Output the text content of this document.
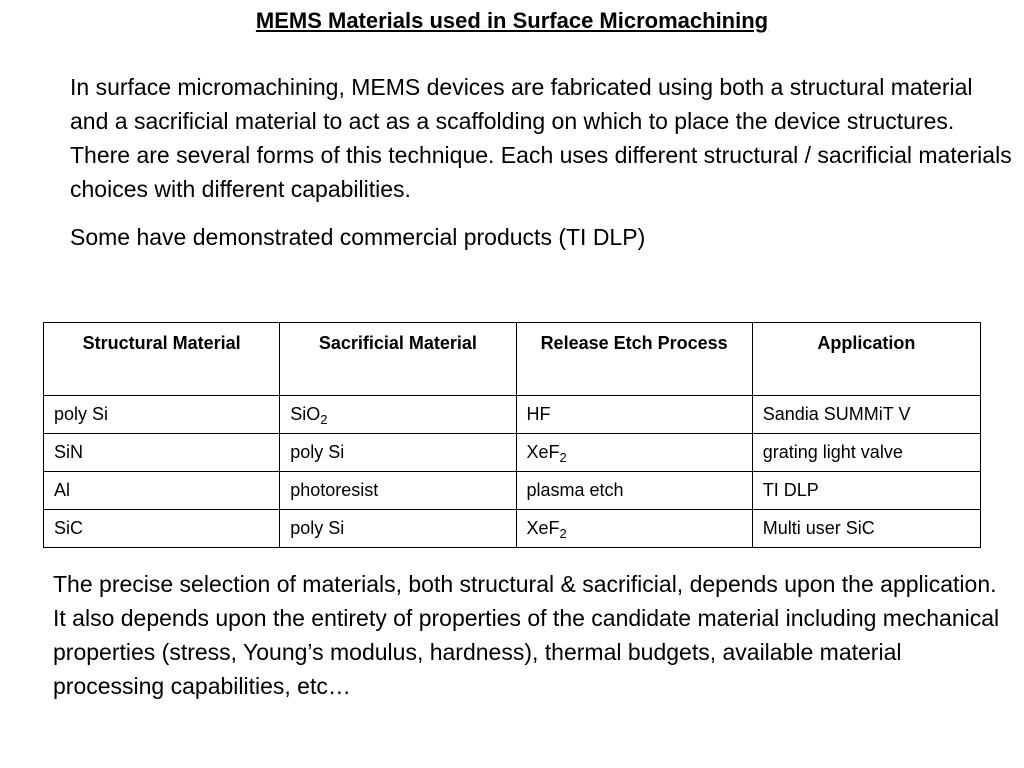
MEMS Materials used in Surface Micromachining

In surface micromachining, MEMS devices are fabricated using both a structural material and a sacrificial material to act as a scaffolding on which to place the device structures. There are several forms of this technique. Each uses different structural / sacrificial materials choices with different capabilities.

Some have demonstrated commercial products (TI DLP)

Structural Material	Sacrificial Material	Release Etch Process	Application
poly Si	SiO$_2$	HF	Sandia SUMMiT V
SiN	poly Si	XeF$_2$	grating light valve
Al	photoresist	plasma etch	TI DLP
SiC	poly Si	XeF$_2$	Multi user SiC

The precise selection of materials, both structural & sacrificial, depends upon the application. It also depends upon the entirety of properties of the candidate material including mechanical properties (stress, Young’s modulus, hardness), thermal budgets, available material processing capabilities, etc…
